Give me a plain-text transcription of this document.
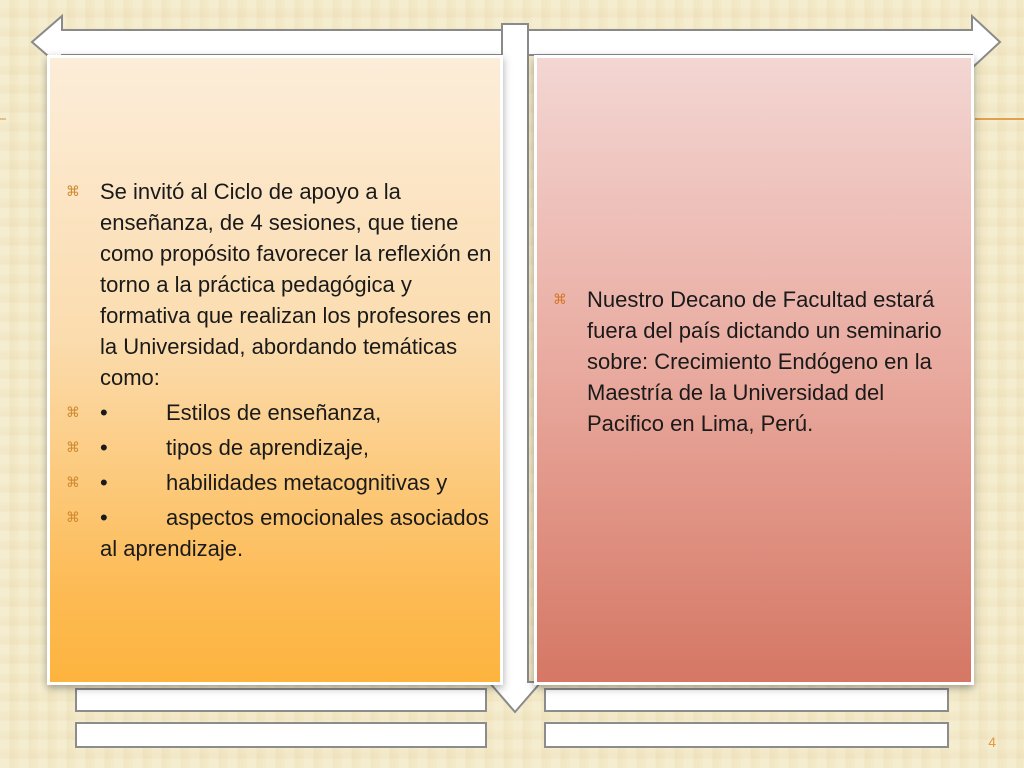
⌘ Se invitó al Ciclo de apoyo a la enseñanza, de 4 sesiones, que tiene como propósito favorecer la reflexión en torno a la práctica pedagógica y formativa que realizan los profesores en la Universidad, abordando temáticas como:
⌘ •	Estilos de enseñanza,
⌘ •	tipos de aprendizaje,
⌘ •	habilidades metacognitivas y
⌘ •	aspectos emocionales asociados al aprendizaje.
⌘ Nuestro Decano de Facultad estará fuera del país dictando un seminario sobre: Crecimiento Endógeno en la Maestría de la Universidad del Pacifico en Lima, Perú.
4
